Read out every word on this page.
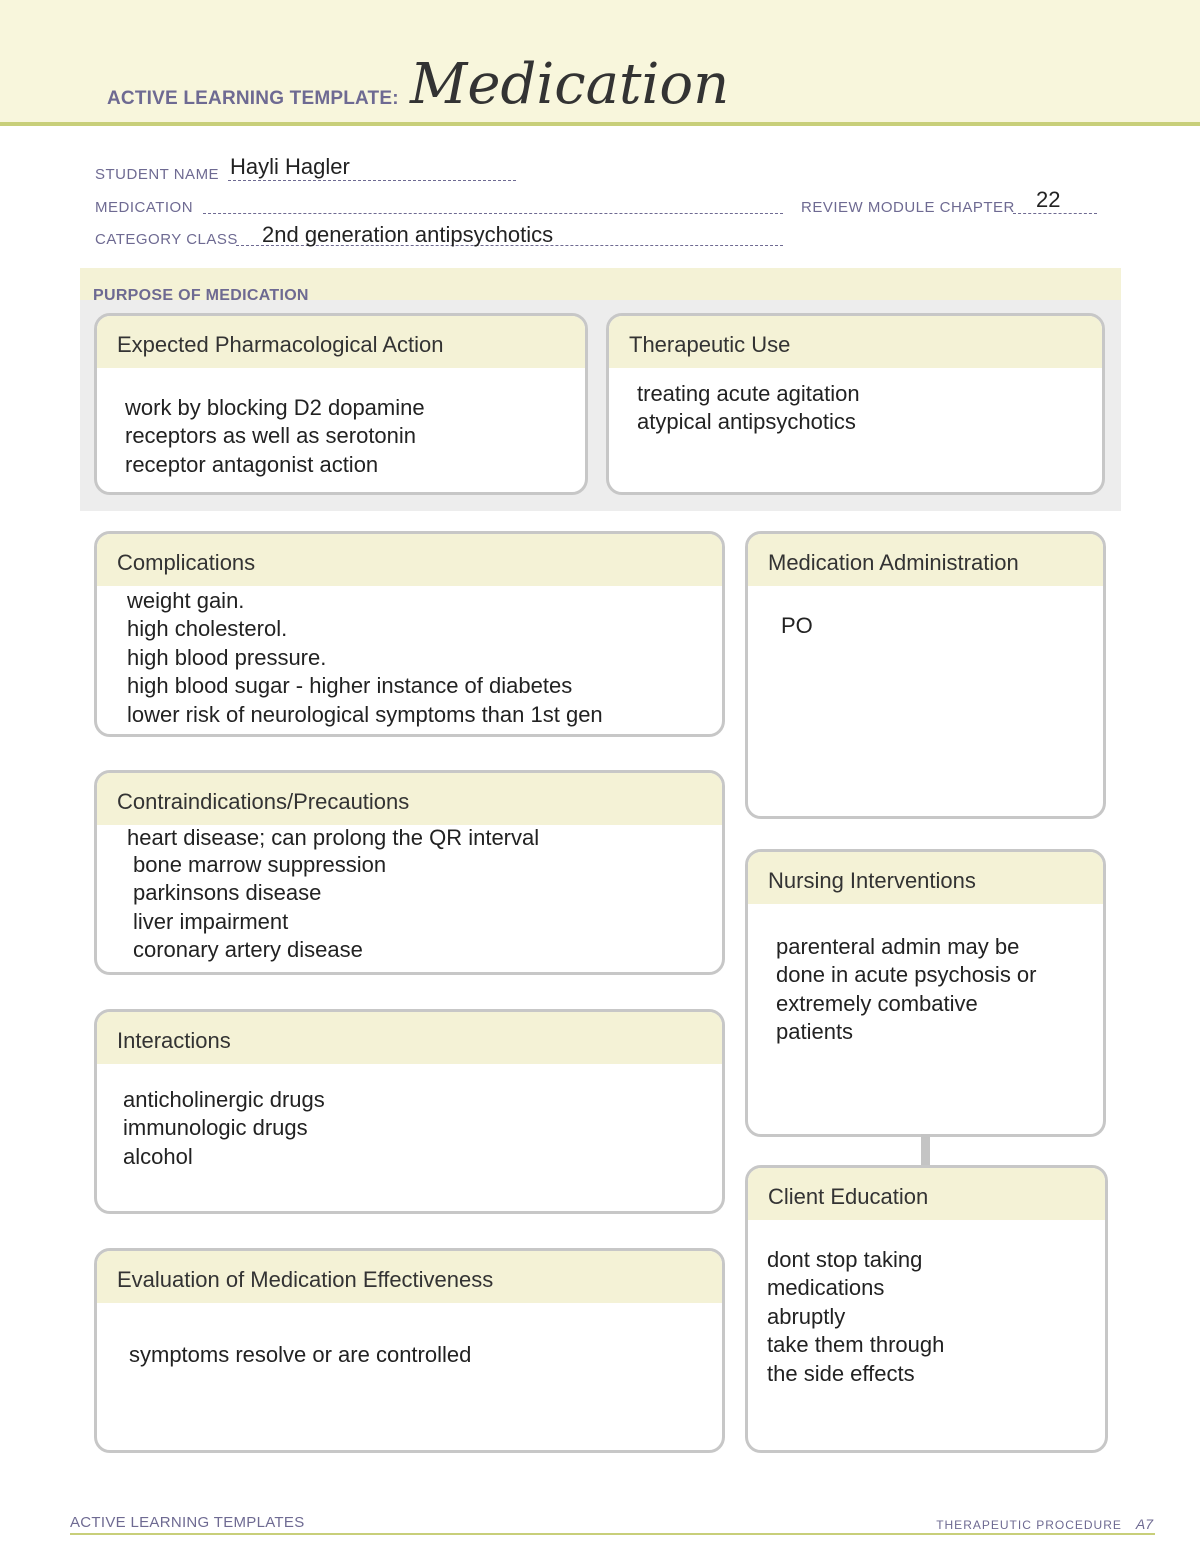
ACTIVE LEARNING TEMPLATE: Medication
STUDENT NAME Hayli Hagler
MEDICATION	REVIEW MODULE CHAPTER 22
CATEGORY CLASS 2nd generation antipsychotics
PURPOSE OF MEDICATION
Expected Pharmacological Action
work by blocking D2 dopamine
receptors as well as serotonin
receptor antagonist action
Therapeutic Use
treating acute agitation
atypical antipsychotics
Complications
weight gain.
high cholesterol.
high blood pressure.
high blood sugar - higher instance of diabetes
lower risk of neurological symptoms than 1st gen
Medication Administration
PO
Contraindications/Precautions
heart disease; can prolong the QR interval
bone marrow suppression
parkinsons disease
liver impairment
coronary artery disease
Nursing Interventions
parenteral admin may be
done in acute psychosis or
extremely combative
patients
Interactions
anticholinergic drugs
immunologic drugs
alcohol
Client Education
dont stop taking
medications
abruptly
take them through
the side effects
Evaluation of Medication Effectiveness
symptoms resolve or are controlled
ACTIVE LEARNING TEMPLATES	THERAPEUTIC PROCEDURE A7
